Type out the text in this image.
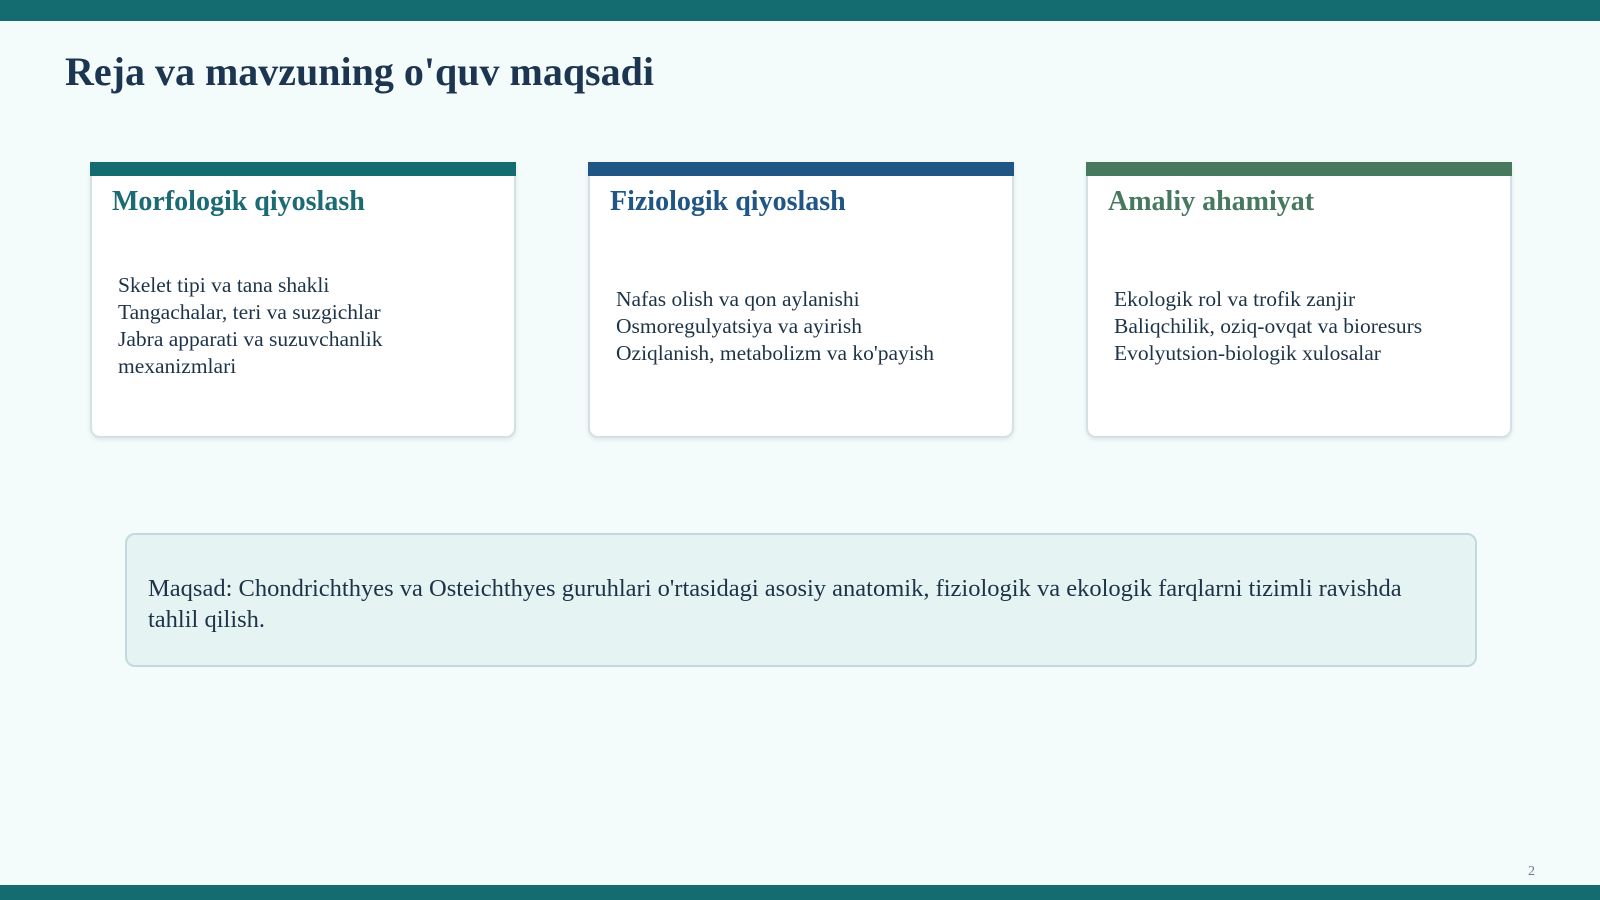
Reja va mavzuning o'quv maqsadi
Morfologik qiyoslash
Skelet tipi va tana shakli
Tangachalar, teri va suzgichlar
Jabra apparati va suzuvchanlik mexanizmlari
Fiziologik qiyoslash
Nafas olish va qon aylanishi
Osmoregulyatsiya va ayirish
Oziqlanish, metabolizm va ko'payish
Amaliy ahamiyat
Ekologik rol va trofik zanjir
Baliqchilik, oziq-ovqat va bioresurs
Evolyutsion-biologik xulosalar

Maqsad: Chondrichthyes va Osteichthyes guruhlari o'rtasidagi asosiy anatomik, fiziologik va ekologik farqlarni tizimli ravishda tahlil qilish.

2
